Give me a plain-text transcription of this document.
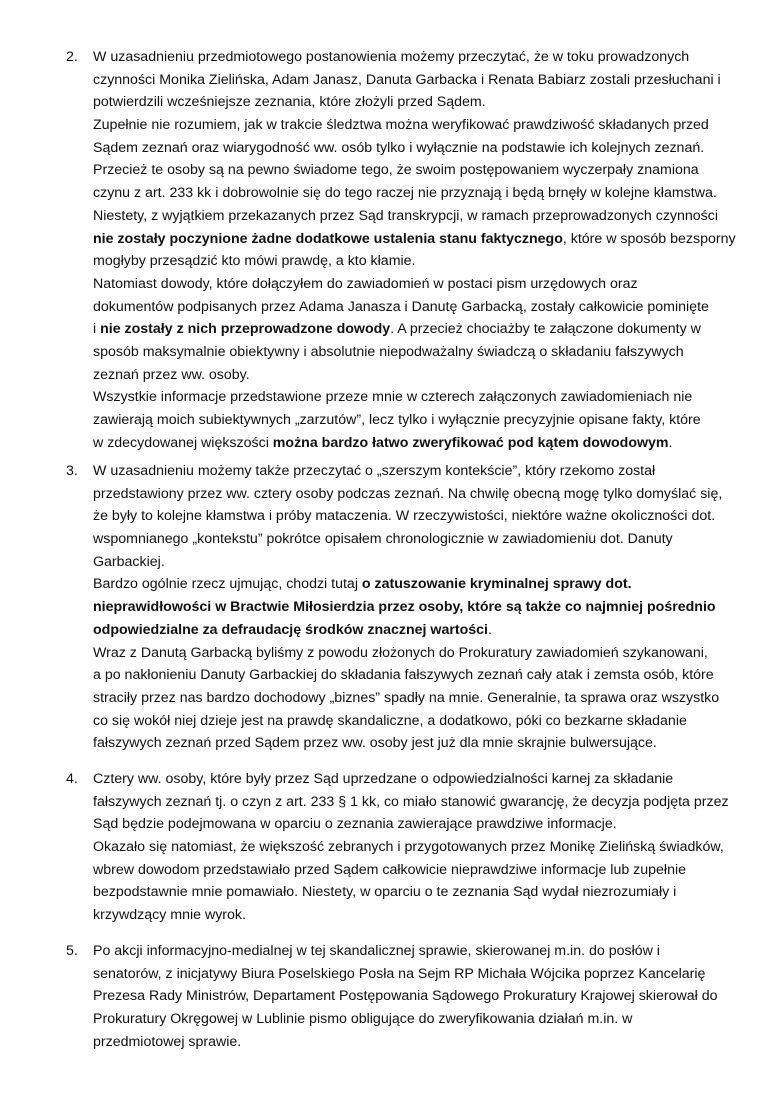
2.	W uzasadnieniu przedmiotowego postanowienia możemy przeczytać, że w toku prowadzonych
czynności Monika Zielińska, Adam Janasz, Danuta Garbacka i Renata Babiarz zostali przesłuchani i
potwierdzili wcześniejsze zeznania, które złożyli przed Sądem.
Zupełnie nie rozumiem, jak w trakcie śledztwa można weryfikować prawdziwość składanych przed
Sądem zeznań oraz wiarygodność ww. osób tylko i wyłącznie na podstawie ich kolejnych zeznań.
Przecież te osoby są na pewno świadome tego, że swoim postępowaniem wyczerpały znamiona
czynu z art. 233 kk i dobrowolnie się do tego raczej nie przyznają i będą brnęły w kolejne kłamstwa.
Niestety, z wyjątkiem przekazanych przez Sąd transkrypcji, w ramach przeprowadzonych czynności
nie zostały poczynione żadne dodatkowe ustalenia stanu faktycznego, które w sposób bezsporny
mogłyby przesądzić kto mówi prawdę, a kto kłamie.
Natomiast dowody, które dołączyłem do zawiadomień w postaci pism urzędowych oraz
dokumentów podpisanych przez Adama Janasza i Danutę Garbacką, zostały całkowicie pominięte
i nie zostały z nich przeprowadzone dowody. A przecież chociażby te załączone dokumenty w
sposób maksymalnie obiektywny i absolutnie niepodważalny świadczą o składaniu fałszywych
zeznań przez ww. osoby.
Wszystkie informacje przedstawione przeze mnie w czterech załączonych zawiadomieniach nie
zawierają moich subiektywnych „zarzutów”, lecz tylko i wyłącznie precyzyjnie opisane fakty, które
w zdecydowanej większości można bardzo łatwo zweryfikować pod kątem dowodowym.
3.	W uzasadnieniu możemy także przeczytać o „szerszym kontekście”, który rzekomo został
przedstawiony przez ww. cztery osoby podczas zeznań. Na chwilę obecną mogę tylko domyślać się,
że były to kolejne kłamstwa i próby mataczenia. W rzeczywistości, niektóre ważne okoliczności dot.
wspomnianego „kontekstu” pokrótce opisałem chronologicznie w zawiadomieniu dot. Danuty
Garbackiej.
Bardzo ogólnie rzecz ujmując, chodzi tutaj o zatuszowanie kryminalnej sprawy dot.
nieprawidłowości w Bractwie Miłosierdzia przez osoby, które są także co najmniej pośrednio
odpowiedzialne za defraudację środków znacznej wartości.
Wraz z Danutą Garbacką byliśmy z powodu złożonych do Prokuratury zawiadomień szykanowani,
a po nakłonieniu Danuty Garbackiej do składania fałszywych zeznań cały atak i zemsta osób, które
straciły przez nas bardzo dochodowy „biznes” spadły na mnie. Generalnie, ta sprawa oraz wszystko
co się wokół niej dzieje jest na prawdę skandaliczne, a dodatkowo, póki co bezkarne składanie
fałszywych zeznań przed Sądem przez ww. osoby jest już dla mnie skrajnie bulwersujące.
4.	Cztery ww. osoby, które były przez Sąd uprzedzane o odpowiedzialności karnej za składanie
fałszywych zeznań tj. o czyn z art. 233 § 1 kk, co miało stanowić gwarancję, że decyzja podjęta przez
Sąd będzie podejmowana w oparciu o zeznania zawierające prawdziwe informacje.
Okazało się natomiast, że większość zebranych i przygotowanych przez Monikę Zielińską świadków,
wbrew dowodom przedstawiało przed Sądem całkowicie nieprawdziwe informacje lub zupełnie
bezpodstawnie mnie pomawiało. Niestety, w oparciu o te zeznania Sąd wydał niezrozumiały i
krzywdzący mnie wyrok.
5.	Po akcji informacyjno-medialnej w tej skandalicznej sprawie, skierowanej m.in. do posłów i
senatorów, z inicjatywy Biura Poselskiego Posła na Sejm RP Michała Wójcika poprzez Kancelarię
Prezesa Rady Ministrów, Departament Postępowania Sądowego Prokuratury Krajowej skierował do
Prokuratury Okręgowej w Lublinie pismo obligujące do zweryfikowania działań m.in. w
przedmiotowej sprawie.
